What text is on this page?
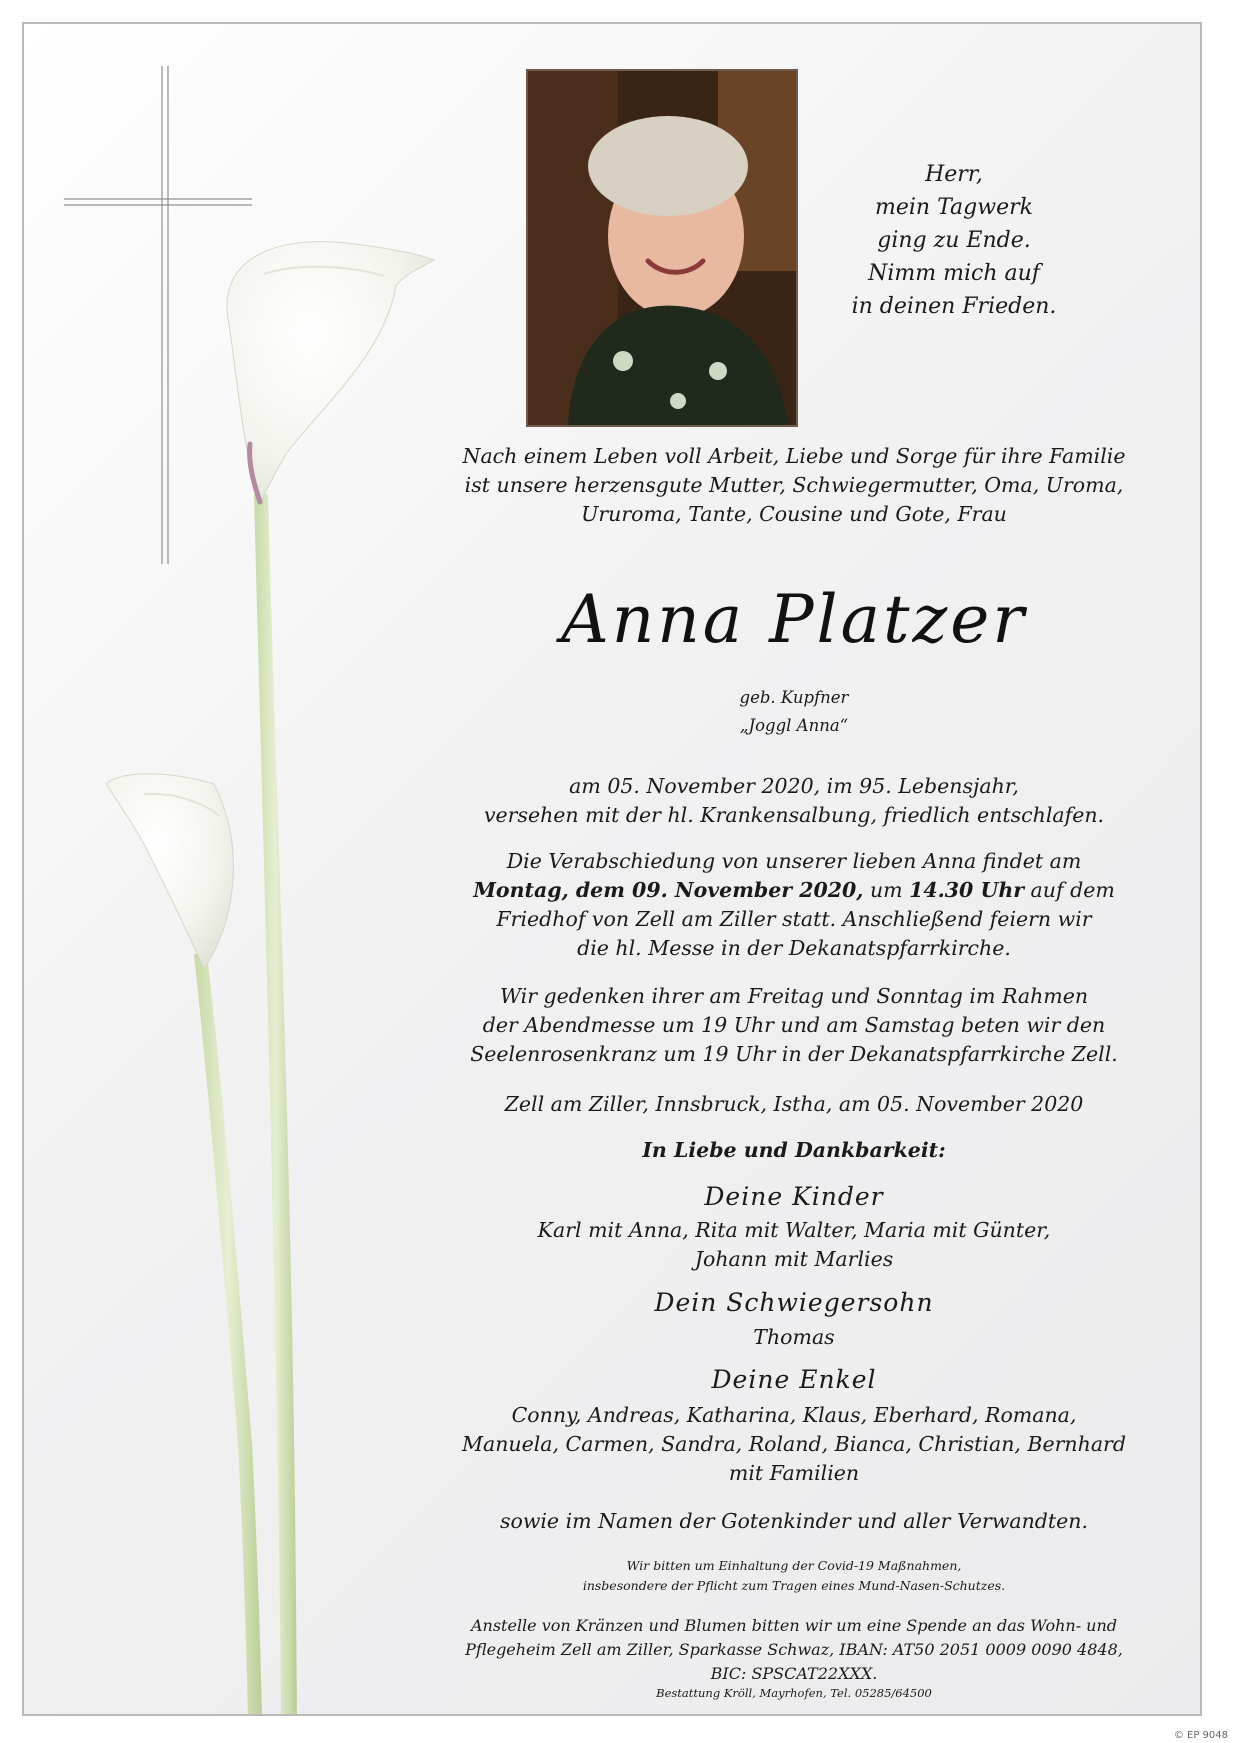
Herr,
mein Tagwerk
ging zu Ende.
Nimm mich auf
in deinen Frieden.
Nach einem Leben voll Arbeit, Liebe und Sorge für ihre Familie
ist unsere herzensgute Mutter, Schwiegermutter, Oma, Uroma,
Ururoma, Tante, Cousine und Gote, Frau
Anna Platzer
geb. Kupfner
„Joggl Anna“
am 05. November 2020, im 95. Lebensjahr,
versehen mit der hl. Krankensalbung, friedlich entschlafen.
Die Verabschiedung von unserer lieben Anna findet am
Montag, dem 09. November 2020, um 14.30 Uhr auf dem
Friedhof von Zell am Ziller statt. Anschließend feiern wir
die hl. Messe in der Dekanatspfarrkirche.
Wir gedenken ihrer am Freitag und Sonntag im Rahmen
der Abendmesse um 19 Uhr und am Samstag beten wir den
Seelenrosenkranz um 19 Uhr in der Dekanatspfarrkirche Zell.
Zell am Ziller, Innsbruck, Istha, am 05. November 2020
In Liebe und Dankbarkeit:
Deine Kinder
Karl mit Anna, Rita mit Walter, Maria mit Günter,
Johann mit Marlies
Dein Schwiegersohn
Thomas
Deine Enkel
Conny, Andreas, Katharina, Klaus, Eberhard, Romana,
Manuela, Carmen, Sandra, Roland, Bianca, Christian, Bernhard
mit Familien
sowie im Namen der Gotenkinder und aller Verwandten.
Wir bitten um Einhaltung der Covid-19 Maßnahmen,
insbesondere der Pflicht zum Tragen eines Mund-Nasen-Schutzes.
Anstelle von Kränzen und Blumen bitten wir um eine Spende an das Wohn- und
Pflegeheim Zell am Ziller, Sparkasse Schwaz, IBAN: AT50 2051 0009 0090 4848,
BIC: SPSCAT22XXX.
Bestattung Kröll, Mayrhofen, Tel. 05285/64500
© EP 9048
